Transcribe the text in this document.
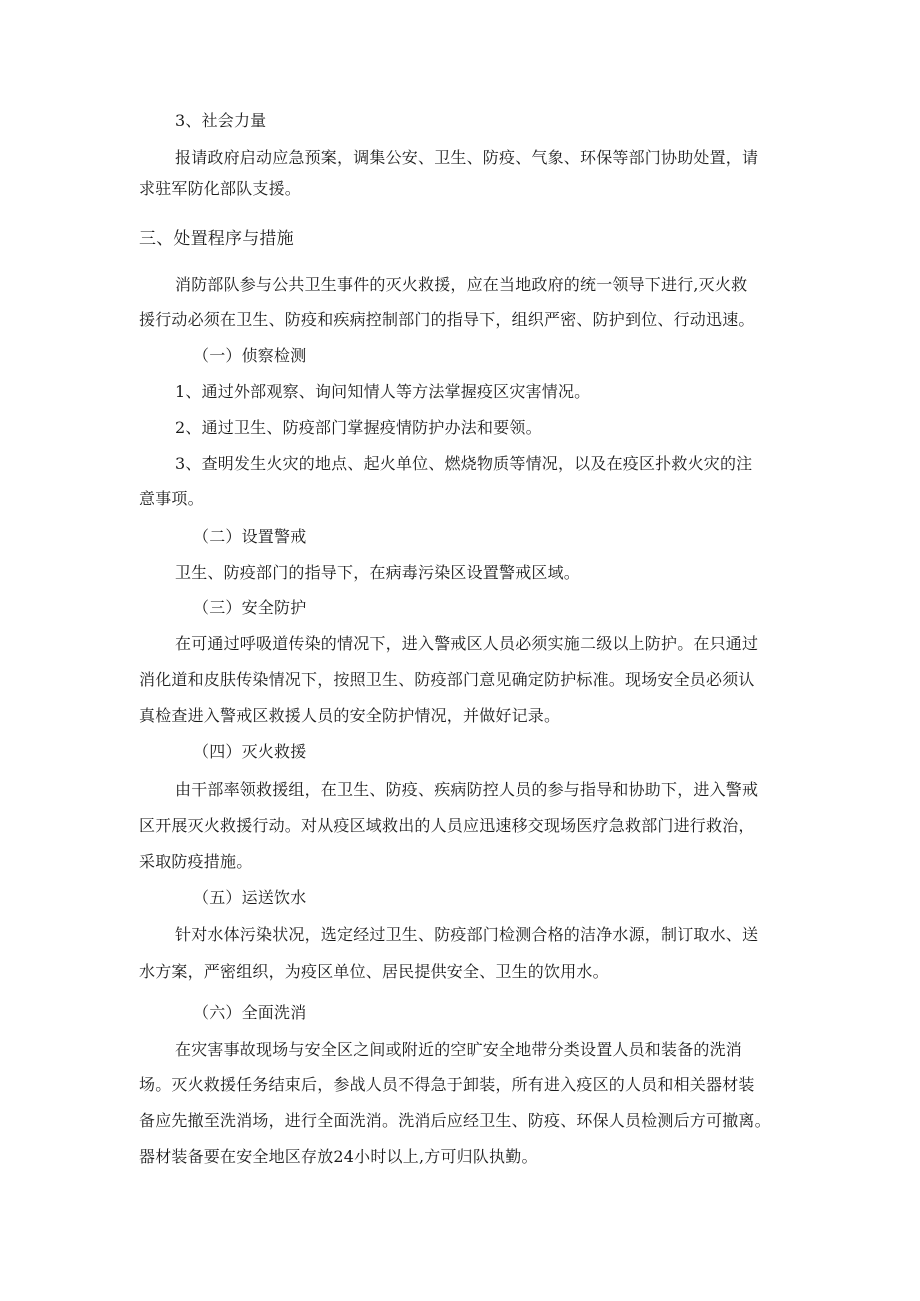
3、社会力量
报请政府启动应急预案，调集公安、卫生、防疫、气象、环保等部门协助处置，请
求驻军防化部队支援。
三、处置程序与措施
消防部队参与公共卫生事件的灭火救援，应在当地政府的统一领导下进行,灭火救
援行动必须在卫生、防疫和疾病控制部门的指导下，组织严密、防护到位、行动迅速。
（一）侦察检测
1、通过外部观察、询问知情人等方法掌握疫区灾害情况。
2、通过卫生、防疫部门掌握疫情防护办法和要领。
3、查明发生火灾的地点、起火单位、燃烧物质等情况，以及在疫区扑救火灾的注
意事项。
（二）设置警戒
卫生、防疫部门的指导下，在病毒污染区设置警戒区域。
（三）安全防护
在可通过呼吸道传染的情况下，进入警戒区人员必须实施二级以上防护。在只通过
消化道和皮肤传染情况下，按照卫生、防疫部门意见确定防护标准。现场安全员必须认
真检查进入警戒区救援人员的安全防护情况，并做好记录。
（四）灭火救援
由干部率领救援组，在卫生、防疫、疾病防控人员的参与指导和协助下，进入警戒
区开展灭火救援行动。对从疫区域救出的人员应迅速移交现场医疗急救部门进行救治，
采取防疫措施。
（五）运送饮水
针对水体污染状况，选定经过卫生、防疫部门检测合格的洁净水源，制订取水、送
水方案，严密组织，为疫区单位、居民提供安全、卫生的饮用水。
（六）全面洗消
在灾害事故现场与安全区之间或附近的空旷安全地带分类设置人员和装备的洗消
场。灭火救援任务结束后，参战人员不得急于卸装，所有进入疫区的人员和相关器材装
备应先撤至洗消场，进行全面洗消。洗消后应经卫生、防疫、环保人员检测后方可撤离。
器材装备要在安全地区存放24小时以上,方可归队执勤。
